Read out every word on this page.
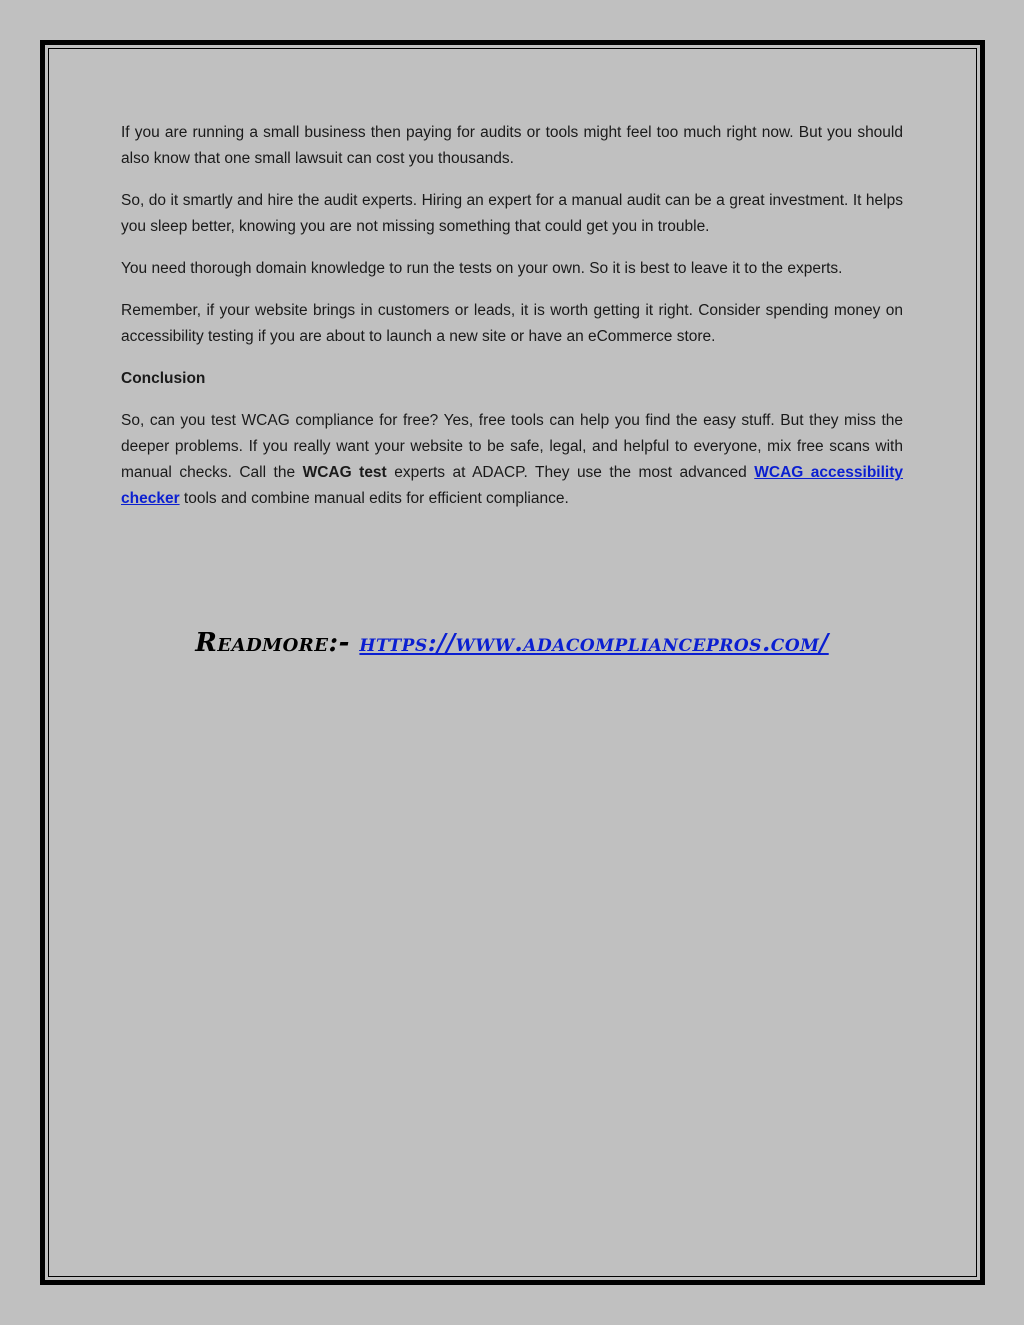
If you are running a small business then paying for audits or tools might feel too much right now. But you should also know that one small lawsuit can cost you thousands.

So, do it smartly and hire the audit experts. Hiring an expert for a manual audit can be a great investment. It helps you sleep better, knowing you are not missing something that could get you in trouble.

You need thorough domain knowledge to run the tests on your own. So it is best to leave it to the experts.

Remember, if your website brings in customers or leads, it is worth getting it right. Consider spending money on accessibility testing if you are about to launch a new site or have an eCommerce store.

Conclusion

So, can you test WCAG compliance for free? Yes, free tools can help you find the easy stuff. But they miss the deeper problems. If you really want your website to be safe, legal, and helpful to everyone, mix free scans with manual checks. Call the WCAG test experts at ADACP. They use the most advanced WCAG accessibility checker tools and combine manual edits for efficient compliance.

Readmore:- https://www.adacompliancepros.com/
